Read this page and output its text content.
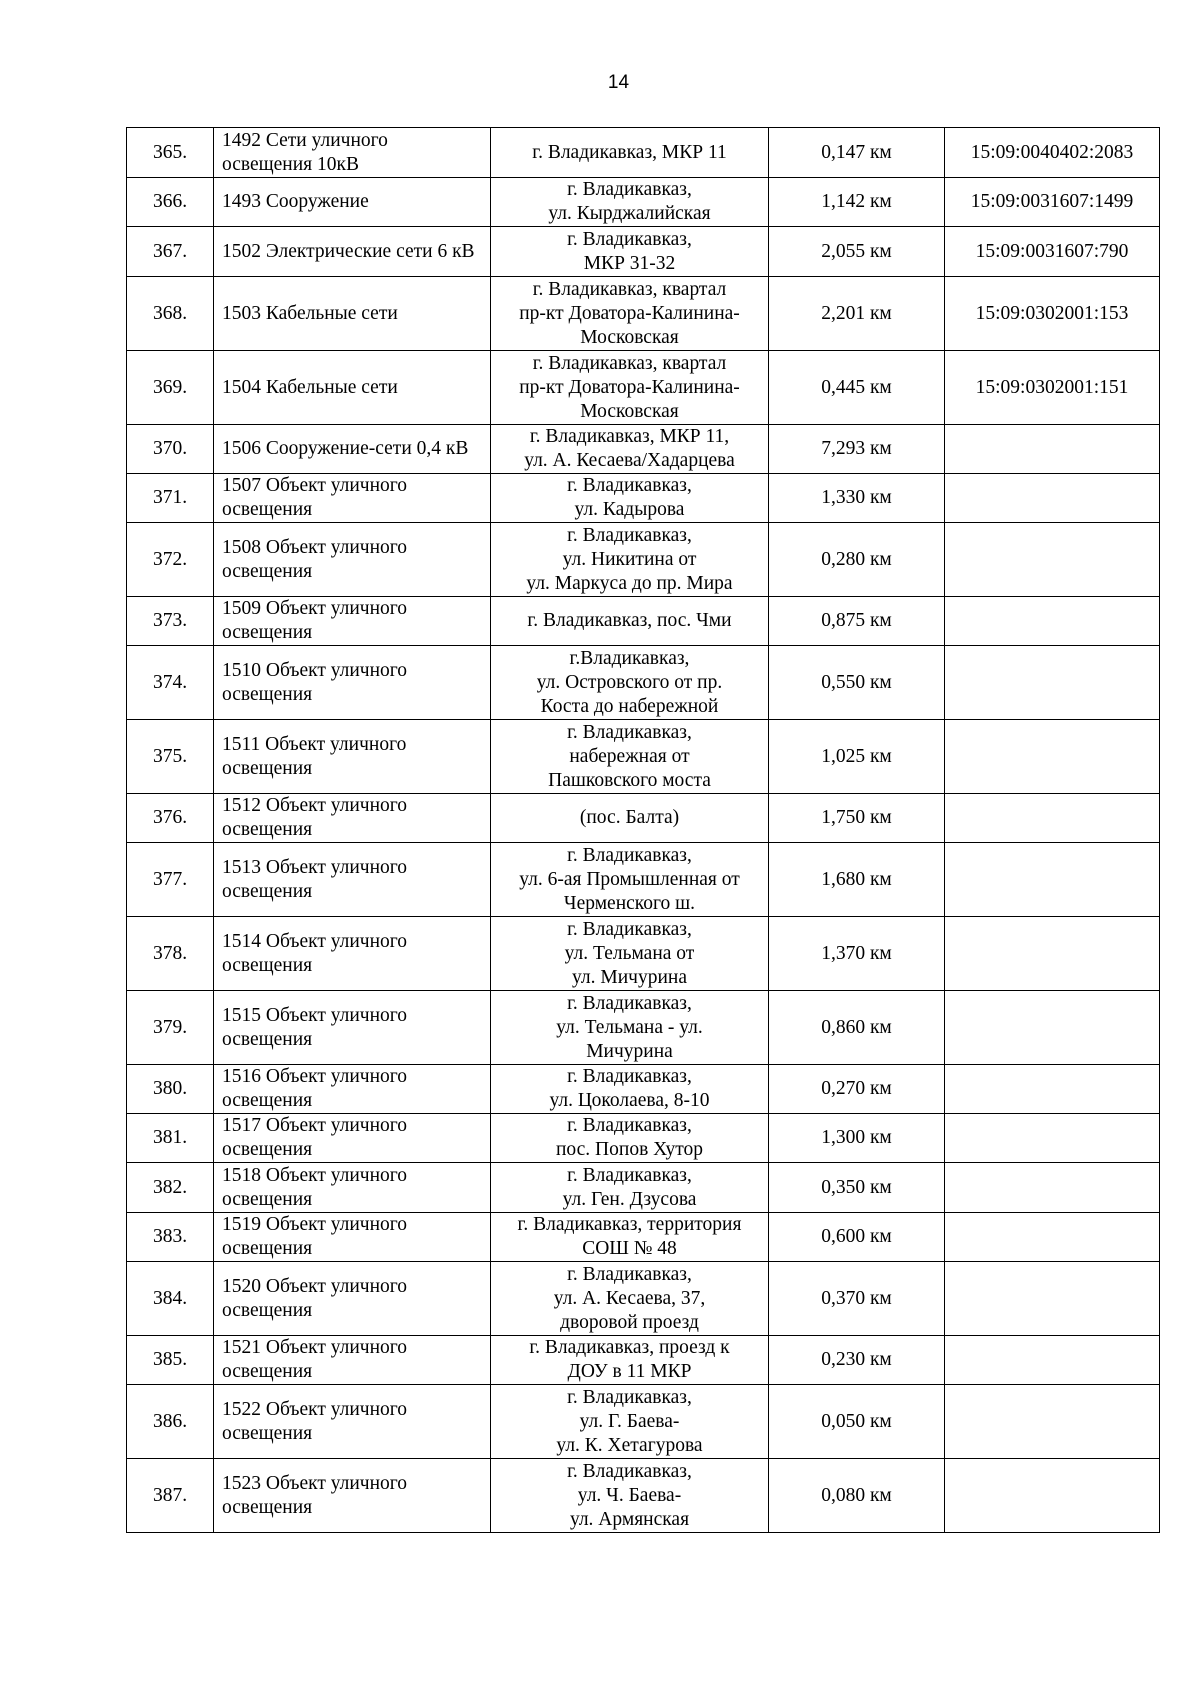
14
365.	1492 Сети уличного освещения 10кВ	г. Владикавказ, МКР 11	0,147 км	15:09:0040402:2083
366.	1493 Сооружение	г. Владикавказ,
ул. Кырджалийская	1,142 км	15:09:0031607:1499
367.	1502 Электрические сети 6 кВ	г. Владикавказ,
МКР 31-32	2,055 км	15:09:0031607:790
368.	1503 Кабельные сети	г. Владикавказ, квартал
пр-кт Доватора-Калинина-
Московская	2,201 км	15:09:0302001:153
369.	1504 Кабельные сети	г. Владикавказ, квартал
пр-кт Доватора-Калинина-
Московская	0,445 км	15:09:0302001:151
370.	1506 Сооружение-сети 0,4 кВ	г. Владикавказ, МКР 11,
ул. А. Кесаева/Хадарцева	7,293 км	
371.	1507 Объект уличного освещения	г. Владикавказ,
ул. Кадырова	1,330 км	
372.	1508 Объект уличного освещения	г. Владикавказ,
ул. Никитина от
ул. Маркуса до пр. Мира	0,280 км	
373.	1509 Объект уличного освещения	г. Владикавказ, пос. Чми	0,875 км	
374.	1510 Объект уличного освещения	г.Владикавказ,
ул. Островского от пр.
Коста до набережной	0,550 км	
375.	1511 Объект уличного освещения	г. Владикавказ,
набережная от
Пашковского моста	1,025 км	
376.	1512 Объект уличного освещения	(пос. Балта)	1,750 км	
377.	1513 Объект уличного освещения	г. Владикавказ,
ул. 6-ая Промышленная от
Черменского ш.	1,680 км	
378.	1514 Объект уличного освещения	г. Владикавказ,
ул. Тельмана от
ул. Мичурина	1,370 км	
379.	1515 Объект уличного освещения	г. Владикавказ,
ул. Тельмана - ул.
Мичурина	0,860 км	
380.	1516 Объект уличного освещения	г. Владикавказ,
ул. Цоколаева, 8-10	0,270 км	
381.	1517 Объект уличного освещения	г. Владикавказ,
пос. Попов Хутор	1,300 км	
382.	1518 Объект уличного освещения	г. Владикавказ,
ул. Ген. Дзусова	0,350 км	
383.	1519 Объект уличного освещения	г. Владикавказ, территория
СОШ № 48	0,600 км	
384.	1520 Объект уличного освещения	г. Владикавказ,
ул. А. Кесаева, 37,
дворовой проезд	0,370 км	
385.	1521 Объект уличного освещения	г. Владикавказ, проезд к
ДОУ в 11 МКР	0,230 км	
386.	1522 Объект уличного освещения	г. Владикавказ,
ул. Г. Баева-
ул. К. Хетагурова	0,050 км	
387.	1523 Объект уличного освещения	г. Владикавказ,
ул. Ч. Баева-
ул. Армянская	0,080 км	
